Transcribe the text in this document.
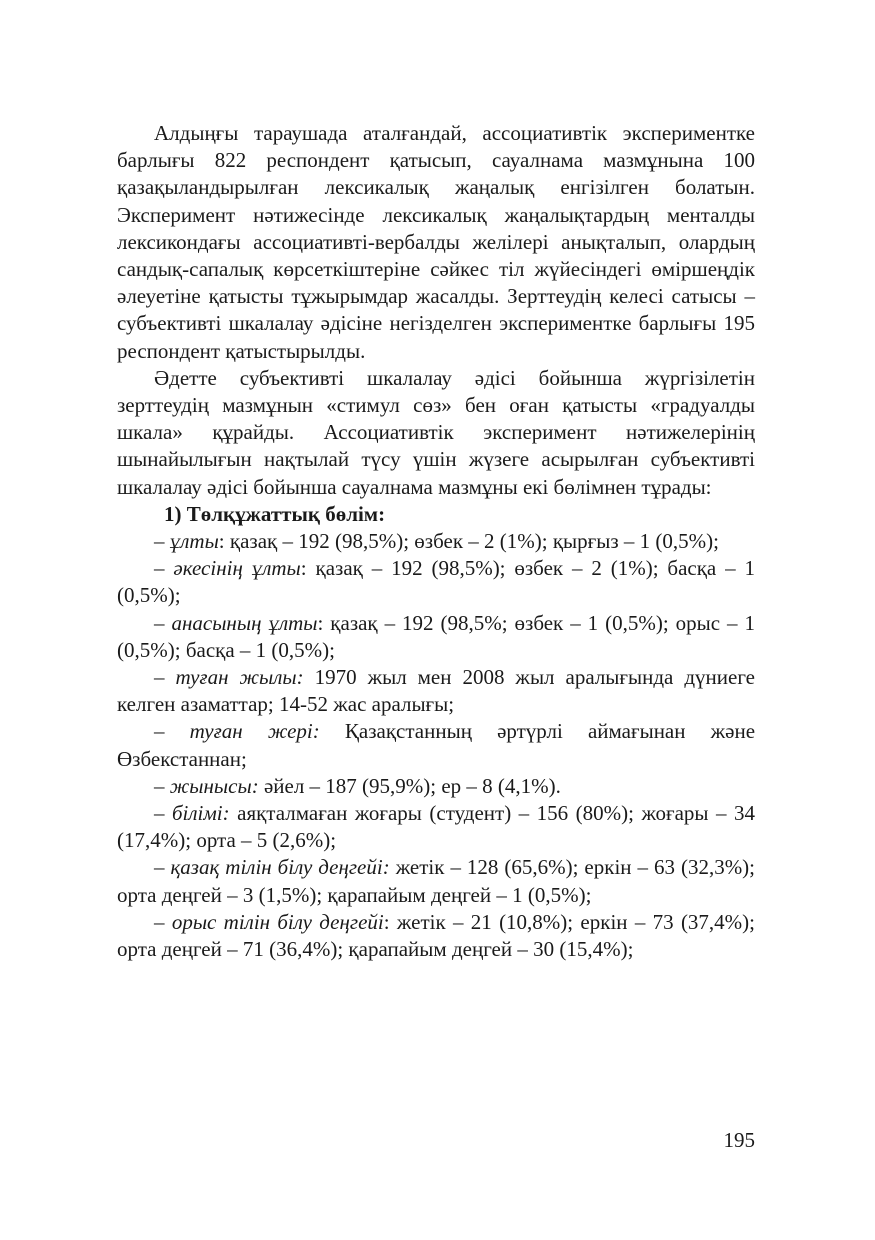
Алдыңғы тараушада аталғандай, ассоциативтік экспериментке барлығы 822 респондент қатысып, сауалнама мазмұнына 100 қазақыландырылған лексикалық жаңалық енгізілген болатын. Эксперимент нәтижесінде лексикалық жаңалықтардың менталды лексикондағы ассоциативті-вербалды желілері анықталып, олардың сандық-сапалық көрсеткіштеріне сәйкес тіл жүйесіндегі өміршеңдік әлеуетіне қатысты тұжырымдар жасалды. Зерттеудің келесі сатысы – субъективті шкалалау әдісіне негізделген экспериментке барлығы 195 респондент қатыстырылды.

Әдетте субъективті шкалалау әдісі бойынша жүргізілетін зерттеудің мазмұнын «стимул сөз» бен оған қатысты «градуалды шкала» құрайды. Ассоциативтік эксперимент нәтижелерінің шынайылығын нақтылай түсу үшін жүзеге асырылған субъективті шкалалау әдісі бойынша сауалнама мазмұны екі бөлімнен тұрады:

1) Төлқұжаттық бөлім:

– ұлты: қазақ – 192 (98,5%); өзбек – 2 (1%); қырғыз – 1 (0,5%);

– әкесінің ұлты: қазақ – 192 (98,5%); өзбек – 2 (1%); басқа – 1 (0,5%);

– анасының ұлты: қазақ – 192 (98,5%; өзбек – 1 (0,5%); орыс – 1 (0,5%); басқа – 1 (0,5%);

– туған жылы: 1970 жыл мен 2008 жыл аралығында дүниеге келген азаматтар; 14-52 жас аралығы;

– туған жері: Қазақстанның әртүрлі аймағынан және Өзбекстаннан;

– жынысы: әйел – 187 (95,9%); ер – 8 (4,1%).

– білімі: аяқталмаған жоғары (студент) – 156 (80%); жоғары – 34 (17,4%); орта – 5 (2,6%);

– қазақ тілін білу деңгейі: жетік – 128 (65,6%); еркін – 63 (32,3%); орта деңгей – 3 (1,5%); қарапайым деңгей – 1 (0,5%);

– орыс тілін білу деңгейі: жетік – 21 (10,8%); еркін – 73 (37,4%); орта деңгей – 71 (36,4%); қарапайым деңгей – 30 (15,4%);

195
